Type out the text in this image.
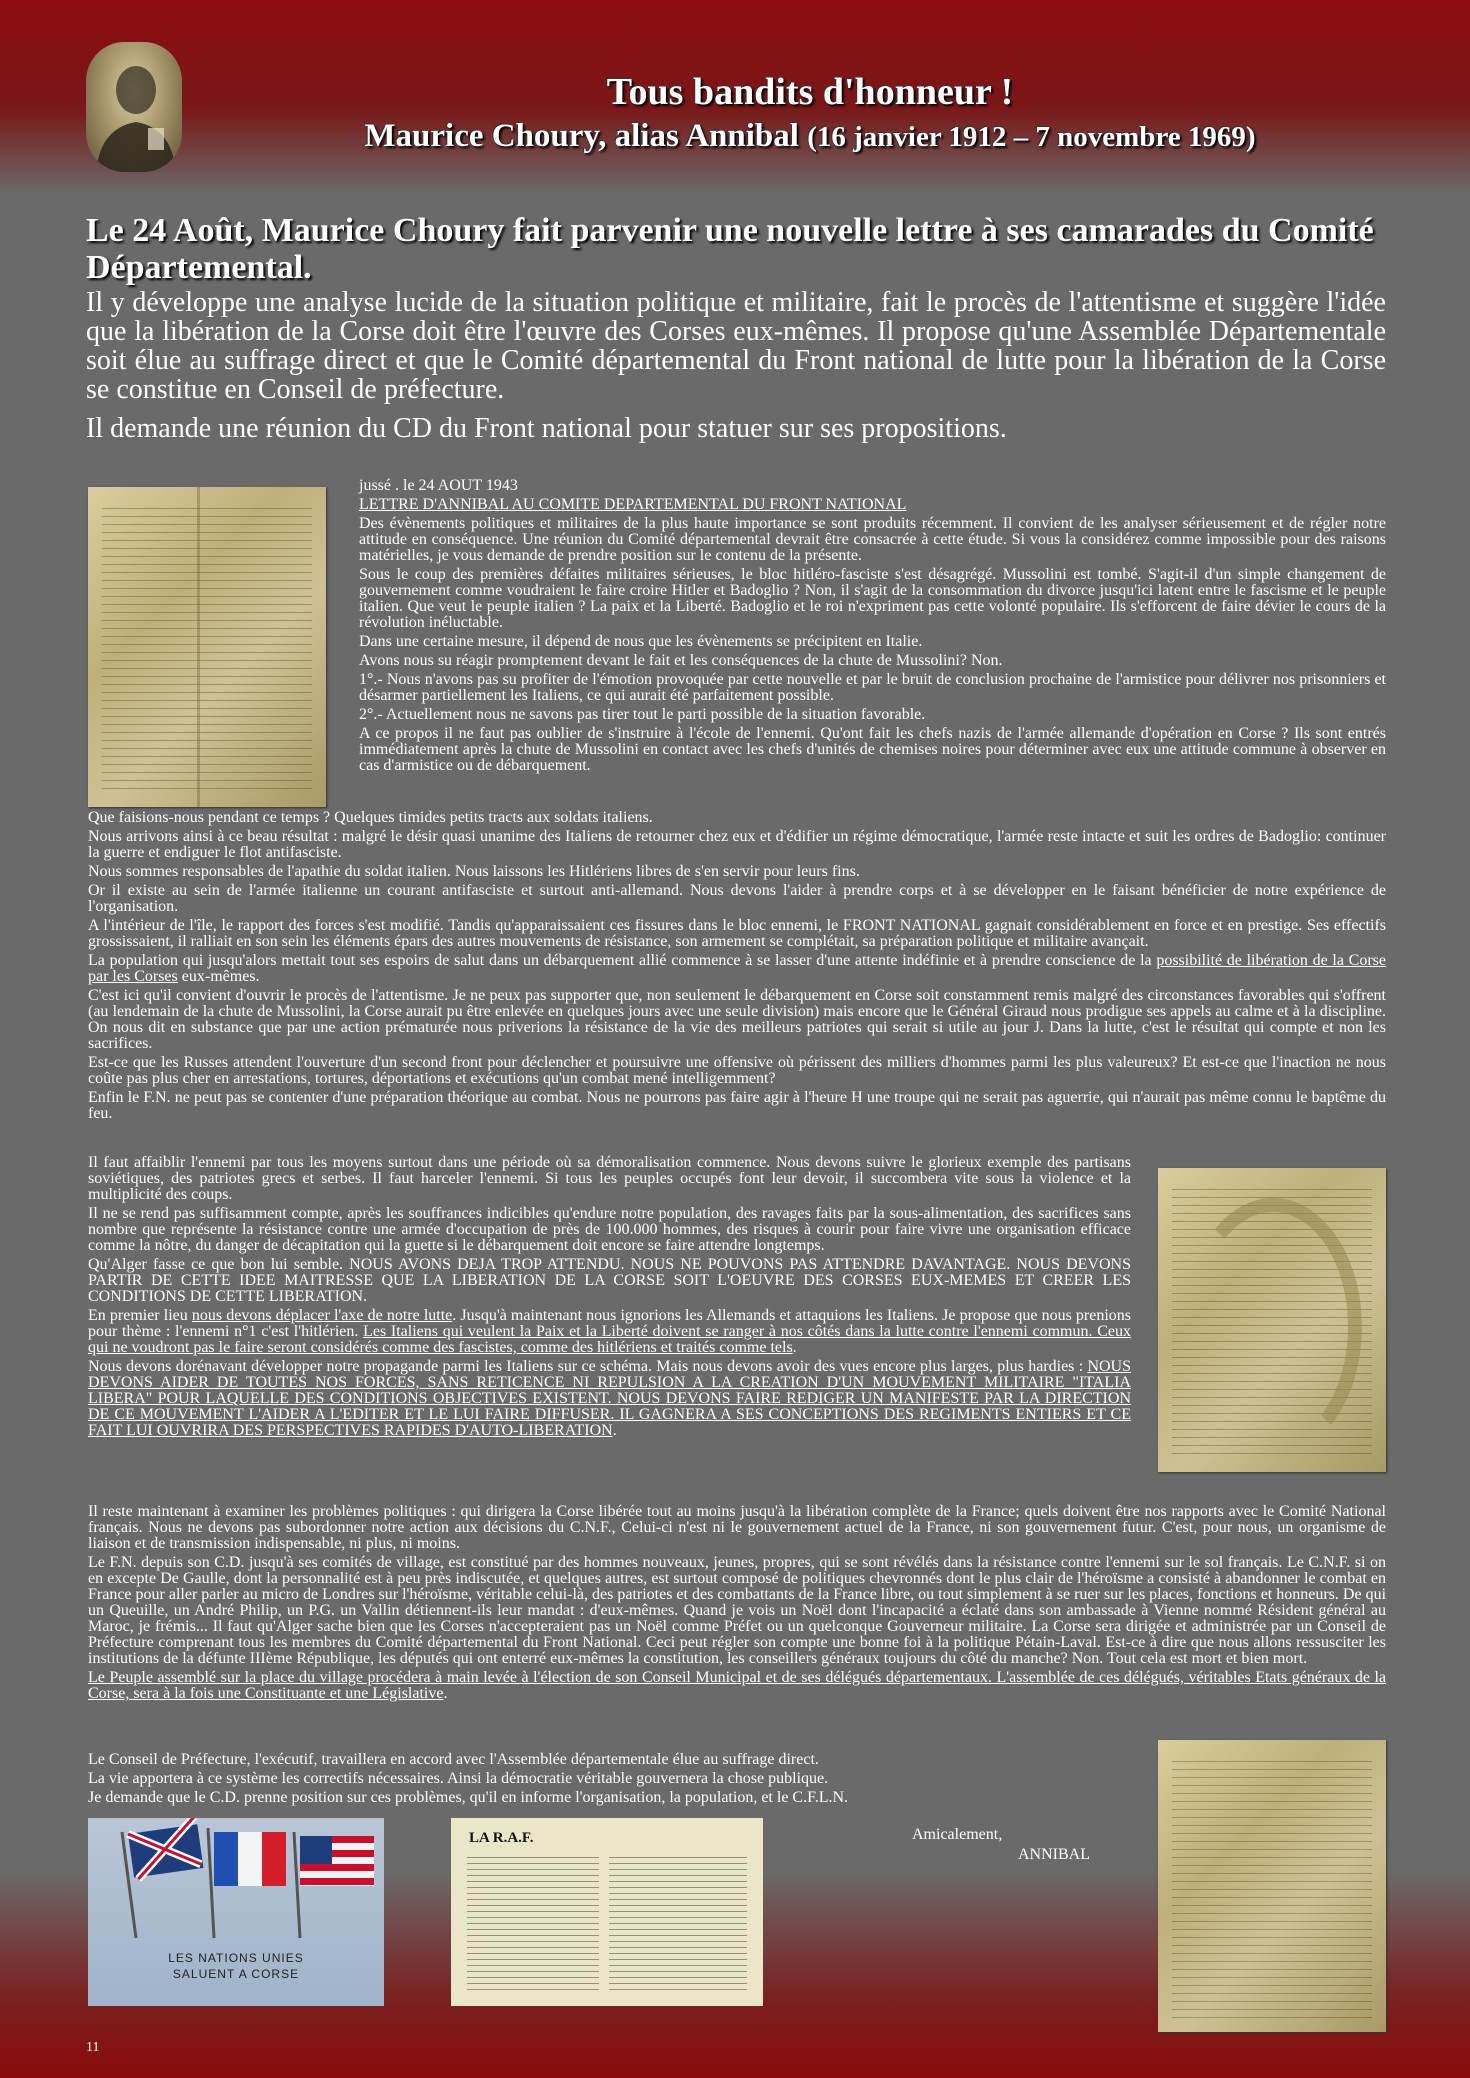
Tous bandits d'honneur !
Maurice Choury, alias Annibal (16 janvier 1912 – 7 novembre 1969)
Le 24 Août, Maurice Choury fait parvenir une nouvelle lettre à ses camarades du Comité Départemental.

Il y développe une analyse lucide de la situation politique et militaire, fait le procès de l'attentisme et suggère l'idée que la libération de la Corse doit être l'œuvre des Corses eux-mêmes. Il propose qu'une Assemblée Départementale soit élue au suffrage direct et que le Comité départemental du Front national de lutte pour la libération de la Corse se constitue en Conseil de préfecture.

Il demande une réunion du CD du Front national pour statuer sur ses propositions.

jussé . le 24 AOUT 1943

LETTRE D'ANNIBAL AU COMITE DEPARTEMENTAL DU FRONT NATIONAL

Des évènements politiques et militaires de la plus haute importance se sont produits récemment. Il convient de les analyser sérieusement et de régler notre attitude en conséquence. Une réunion du Comité départemental devrait être consacrée à cette étude. Si vous la considérez comme impossible pour des raisons matérielles, je vous demande de prendre position sur le contenu de la présente.

Sous le coup des premières défaites militaires sérieuses, le bloc hitléro-fasciste s'est désagrégé. Mussolini est tombé. S'agit-il d'un simple changement de gouvernement comme voudraient le faire croire Hitler et Badoglio ? Non, il s'agit de la consommation du divorce jusqu'ici latent entre le fascisme et le peuple italien. Que veut le peuple italien ? La paix et la Liberté. Badoglio et le roi n'expriment pas cette volonté populaire. Ils s'efforcent de faire dévier le cours de la révolution inéluctable.

Dans une certaine mesure, il dépend de nous que les évènements se précipitent en Italie.

Avons nous su réagir promptement devant le fait et les conséquences de la chute de Mussolini? Non.

1°.- Nous n'avons pas su profiter de l'émotion provoquée par cette nouvelle et par le bruit de conclusion prochaine de l'armistice pour délivrer nos prisonniers et désarmer partiellement les Italiens, ce qui aurait été parfaitement possible.

2°.- Actuellement nous ne savons pas tirer tout le parti possible de la situation favorable.

A ce propos il ne faut pas oublier de s'instruire à l'école de l'ennemi. Qu'ont fait les chefs nazis de l'armée allemande d'opération en Corse ? Ils sont entrés immédiatement après la chute de Mussolini en contact avec les chefs d'unités de chemises noires pour déterminer avec eux une attitude commune à observer en cas d'armistice ou de débarquement.

Que faisions-nous pendant ce temps ? Quelques timides petits tracts aux soldats italiens.

Nous arrivons ainsi à ce beau résultat : malgré le désir quasi unanime des Italiens de retourner chez eux et d'édifier un régime démocratique, l'armée reste intacte et suit les ordres de Badoglio: continuer la guerre et endiguer le flot antifasciste.

Nous sommes responsables de l'apathie du soldat italien. Nous laissons les Hitlériens libres de s'en servir pour leurs fins.

Or il existe au sein de l'armée italienne un courant antifasciste et surtout anti-allemand. Nous devons l'aider à prendre corps et à se développer en le faisant bénéficier de notre expérience de l'organisation.

A l'intérieur de l'île, le rapport des forces s'est modifié. Tandis qu'apparaissaient ces fissures dans le bloc ennemi, le FRONT NATIONAL gagnait considérablement en force et en prestige. Ses effectifs grossissaient, il ralliait en son sein les éléments épars des autres mouvements de résistance, son armement se complétait, sa préparation politique et militaire avançait.

La population qui jusqu'alors mettait tout ses espoirs de salut dans un débarquement allié commence à se lasser d'une attente indéfinie et à prendre conscience de la possibilité de libération de la Corse par les Corses eux-mêmes.

C'est ici qu'il convient d'ouvrir le procès de l'attentisme. Je ne peux pas supporter que, non seulement le débarquement en Corse soit constamment remis malgré des circonstances favorables qui s'offrent (au lendemain de la chute de Mussolini, la Corse aurait pu être enlevée en quelques jours avec une seule division) mais encore que le Général Giraud nous prodigue ses appels au calme et à la discipline. On nous dit en substance que par une action prématurée nous priverions la résistance de la vie des meilleurs patriotes qui serait si utile au jour J. Dans la lutte, c'est le résultat qui compte et non les sacrifices.

Est-ce que les Russes attendent l'ouverture d'un second front pour déclencher et poursuivre une offensive où périssent des milliers d'hommes parmi les plus valeureux? Et est-ce que l'inaction ne nous coûte pas plus cher en arrestations, tortures, déportations et exécutions qu'un combat mené intelligemment?

Enfin le F.N. ne peut pas se contenter d'une préparation théorique au combat. Nous ne pourrons pas faire agir à l'heure H une troupe qui ne serait pas aguerrie, qui n'aurait pas même connu le baptême du feu.

Il faut affaiblir l'ennemi par tous les moyens surtout dans une période où sa démoralisation commence. Nous devons suivre le glorieux exemple des partisans soviétiques, des patriotes grecs et serbes. Il faut harceler l'ennemi. Si tous les peuples occupés font leur devoir, il succombera vite sous la violence et la multiplicité des coups.

Il ne se rend pas suffisamment compte, après les souffrances indicibles qu'endure notre population, des ravages faits par la sous-alimentation, des sacrifices sans nombre que représente la résistance contre une armée d'occupation de près de 100.000 hommes, des risques à courir pour faire vivre une organisation efficace comme la nôtre, du danger de décapitation qui la guette si le débarquement doit encore se faire attendre longtemps.

Qu'Alger fasse ce que bon lui semble. NOUS AVONS DEJA TROP ATTENDU. NOUS NE POUVONS PAS ATTENDRE DAVANTAGE. NOUS DEVONS PARTIR DE CETTE IDEE MAITRESSE QUE LA LIBERATION DE LA CORSE SOIT L'OEUVRE DES CORSES EUX-MEMES ET CREER LES CONDITIONS DE CETTE LIBERATION.

En premier lieu nous devons déplacer l'axe de notre lutte. Jusqu'à maintenant nous ignorions les Allemands et attaquions les Italiens. Je propose que nous prenions pour thème : l'ennemi n°1 c'est l'hitlérien. Les Italiens qui veulent la Paix et la Liberté doivent se ranger à nos côtés dans la lutte contre l'ennemi commun. Ceux qui ne voudront pas le faire seront considérés comme des fascistes, comme des hitlériens et traités comme tels.

Nous devons dorénavant développer notre propagande parmi les Italiens sur ce schéma. Mais nous devons avoir des vues encore plus larges, plus hardies : NOUS DEVONS AIDER DE TOUTES NOS FORCES, SANS RETICENCE NI REPULSION A LA CREATION D'UN MOUVEMENT MILITAIRE "ITALIA LIBERA" POUR LAQUELLE DES CONDITIONS OBJECTIVES EXISTENT. NOUS DEVONS FAIRE REDIGER UN MANIFESTE PAR LA DIRECTION DE CE MOUVEMENT L'AIDER A L'EDITER ET LE LUI FAIRE DIFFUSER. IL GAGNERA A SES CONCEPTIONS DES REGIMENTS ENTIERS ET CE FAIT LUI OUVRIRA DES PERSPECTIVES RAPIDES D'AUTO-LIBERATION.

Il reste maintenant à examiner les problèmes politiques : qui dirigera la Corse libérée tout au moins jusqu'à la libération complète de la France; quels doivent être nos rapports avec le Comité National français. Nous ne devons pas subordonner notre action aux décisions du C.N.F., Celui-ci n'est ni le gouvernement actuel de la France, ni son gouvernement futur. C'est, pour nous, un organisme de liaison et de transmission indispensable, ni plus, ni moins.

Le F.N. depuis son C.D. jusqu'à ses comités de village, est constitué par des hommes nouveaux, jeunes, propres, qui se sont révélés dans la résistance contre l'ennemi sur le sol français. Le C.N.F. si on en excepte De Gaulle, dont la personnalité est à peu près indiscutée, et quelques autres, est surtout composé de politiques chevronnés dont le plus clair de l'héroïsme a consisté à abandonner le combat en France pour aller parler au micro de Londres sur l'héroïsme, véritable celui-là, des patriotes et des combattants de la France libre, ou tout simplement à se ruer sur les places, fonctions et honneurs. De qui un Queuille, un André Philip, un P.G. un Vallin détiennent-ils leur mandat : d'eux-mêmes. Quand je vois un Noël dont l'incapacité a éclaté dans son ambassade à Vienne nommé Résident général au Maroc, je frémis... Il faut qu'Alger sache bien que les Corses n'accepteraient pas un Noël comme Préfet ou un quelconque Gouverneur militaire. La Corse sera dirigée et administrée par un Conseil de Préfecture comprenant tous les membres du Comité départemental du Front National. Ceci peut régler son compte une bonne foi à la politique Pétain-Laval. Est-ce à dire que nous allons ressusciter les institutions de la défunte IIIème République, les députés qui ont enterré eux-mêmes la constitution, les conseillers généraux toujours du côté du manche? Non. Tout cela est mort et bien mort.

Le Peuple assemblé sur la place du village procédera à main levée à l'élection de son Conseil Municipal et de ses délégués départementaux. L'assemblée de ces délégués, véritables Etats généraux de la Corse, sera à la fois une Constituante et une Législative.

Le Conseil de Préfecture, l'exécutif, travaillera en accord avec l'Assemblée départementale élue au suffrage direct.

La vie apportera à ce système les correctifs nécessaires. Ainsi la démocratie véritable gouvernera la chose publique.

Je demande que le C.D. prenne position sur ces problèmes, qu'il en informe l'organisation, la population, et le C.F.L.N.

LES NATIONS UNIES
SALUENT A CORSE
LA R.A.F.	Amicalement,
ANNIBAL
11
